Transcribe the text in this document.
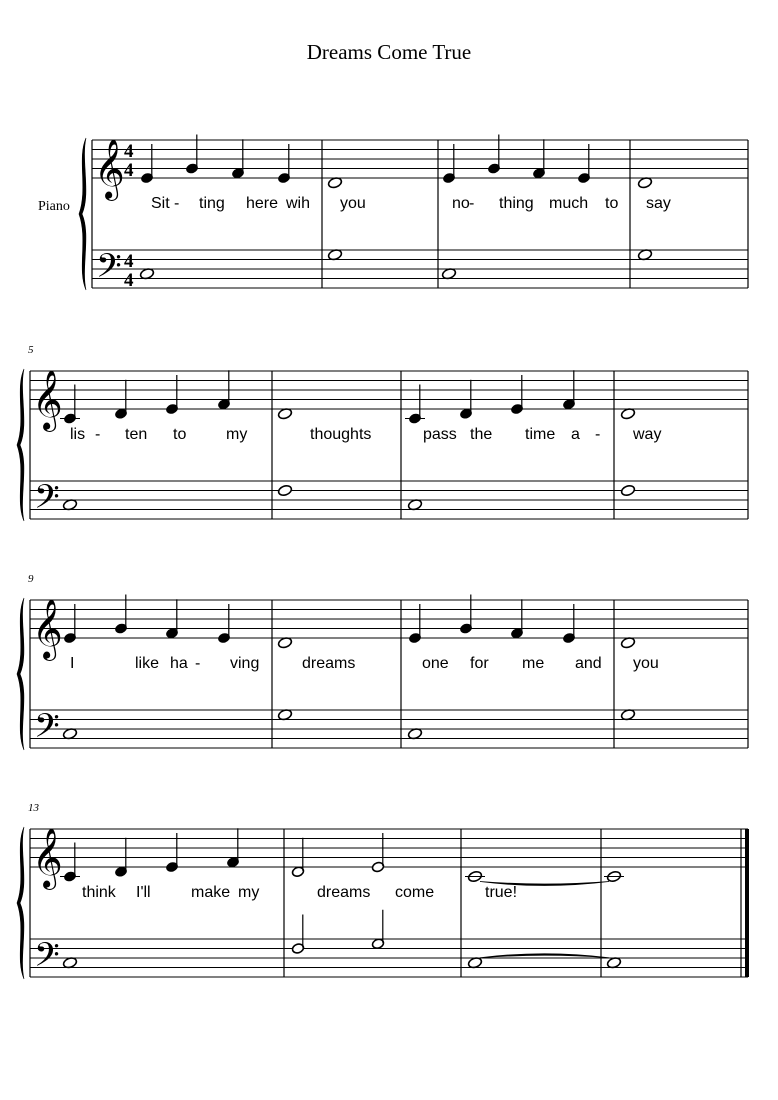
Dreams Come True
𝄞
𝄢
4
4
4
4
Piano	Sit - ting here wih you	no - thing much to say
𝄞
𝄢
5
lis - ten to my	thoughts	pass the time a - way
𝄞
𝄢
9
I	like ha - ving	dreams	one for me and you
𝄞
𝄢
13
think I'll	make my	dreams come	true!
